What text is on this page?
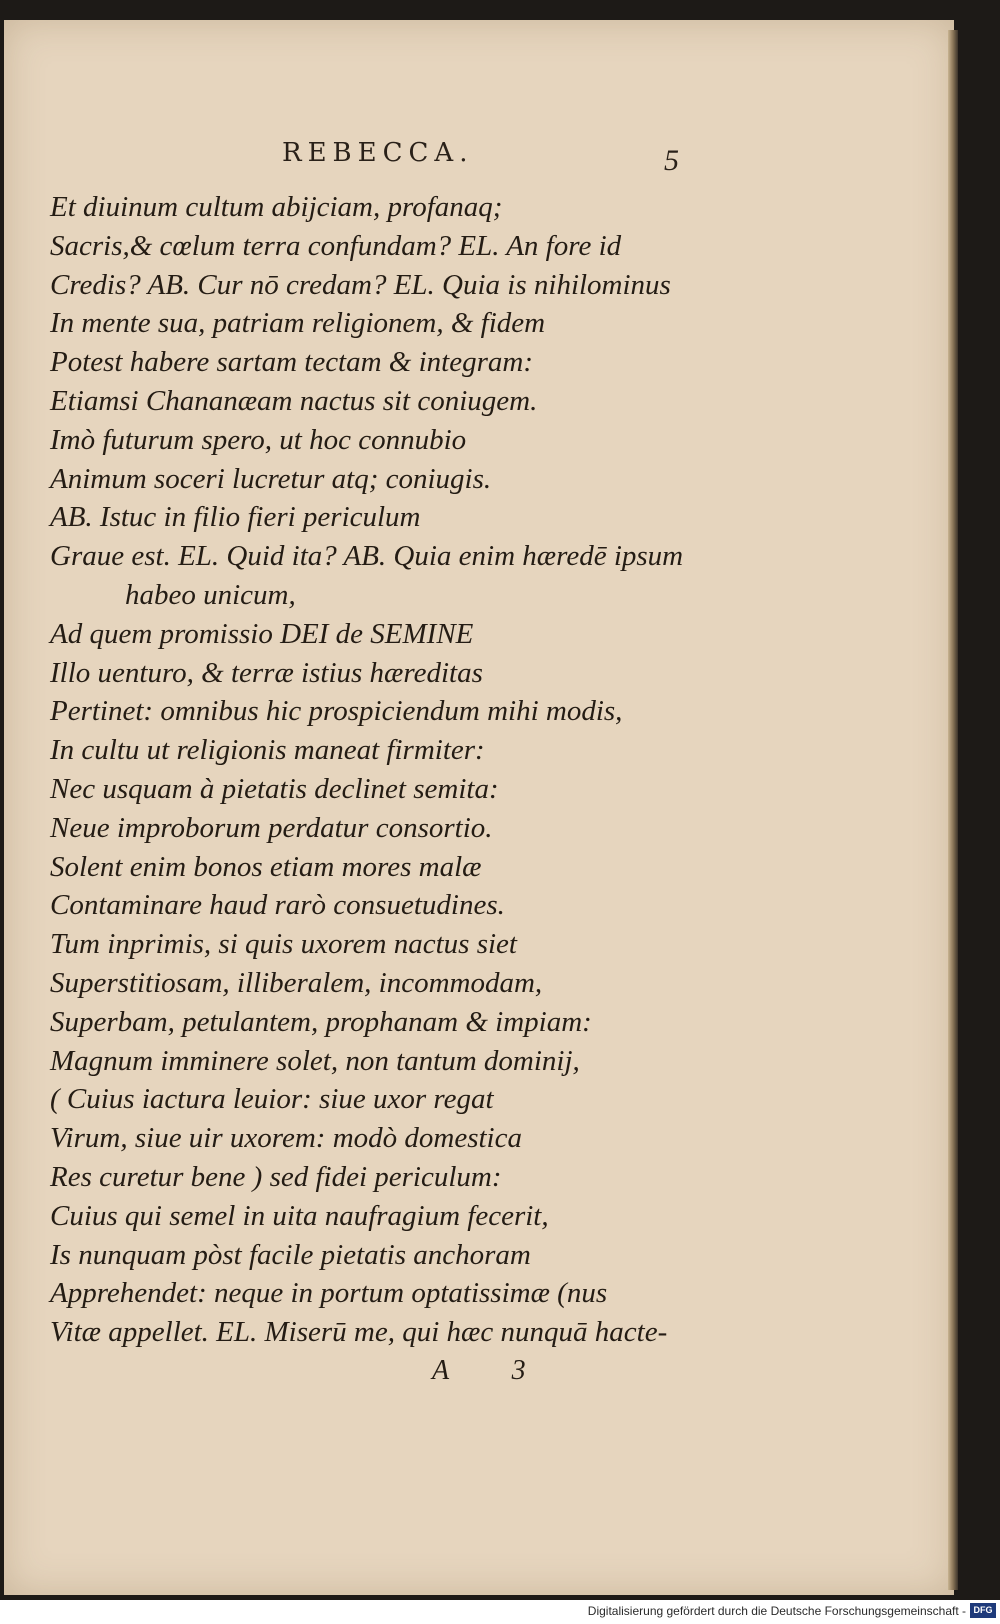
REBECCA.	5
Et diuinum cultum abijciam, profanaq;
Sacris,& cœlum terra confundam? EL. An fore id
Credis? AB. Cur nō credam? EL. Quia is nihilominus
In mente sua, patriam religionem, & fidem
Potest habere sartam tectam & integram:
Etiamsi Chananæam nactus sit coniugem.
Imò futurum spero, ut hoc connubio
Animum soceri lucretur atq; coniugis.
AB. Istuc in filio fieri periculum
Graue est. EL. Quid ita? AB. Quia enim hæredē ipsum
habeo unicum,
Ad quem promissio DEI de SEMINE
Illo uenturo, & terræ istius hæreditas
Pertinet: omnibus hic prospiciendum mihi modis,
In cultu ut religionis maneat firmiter:
Nec usquam à pietatis declinet semita:
Neue improborum perdatur consortio.
Solent enim bonos etiam mores malæ
Contaminare haud rarò consuetudines.
Tum inprimis, si quis uxorem nactus siet
Superstitiosam, illiberalem, incommodam,
Superbam, petulantem, prophanam & impiam:
Magnum imminere solet, non tantum dominij,
( Cuius iactura leuior: siue uxor regat
Virum, siue uir uxorem: modò domestica
Res curetur bene ) sed fidei periculum:
Cuius qui semel in uita naufragium fecerit,
Is nunquam pòst facile pietatis anchoram
Apprehendet: neque in portum optatissimæ (nus
Vitæ appellet. EL. Miserū me, qui hæc nunquā hacte-
A 3
Digitalisierung gefördert durch die Deutsche Forschungsgemeinschaft - DFG
